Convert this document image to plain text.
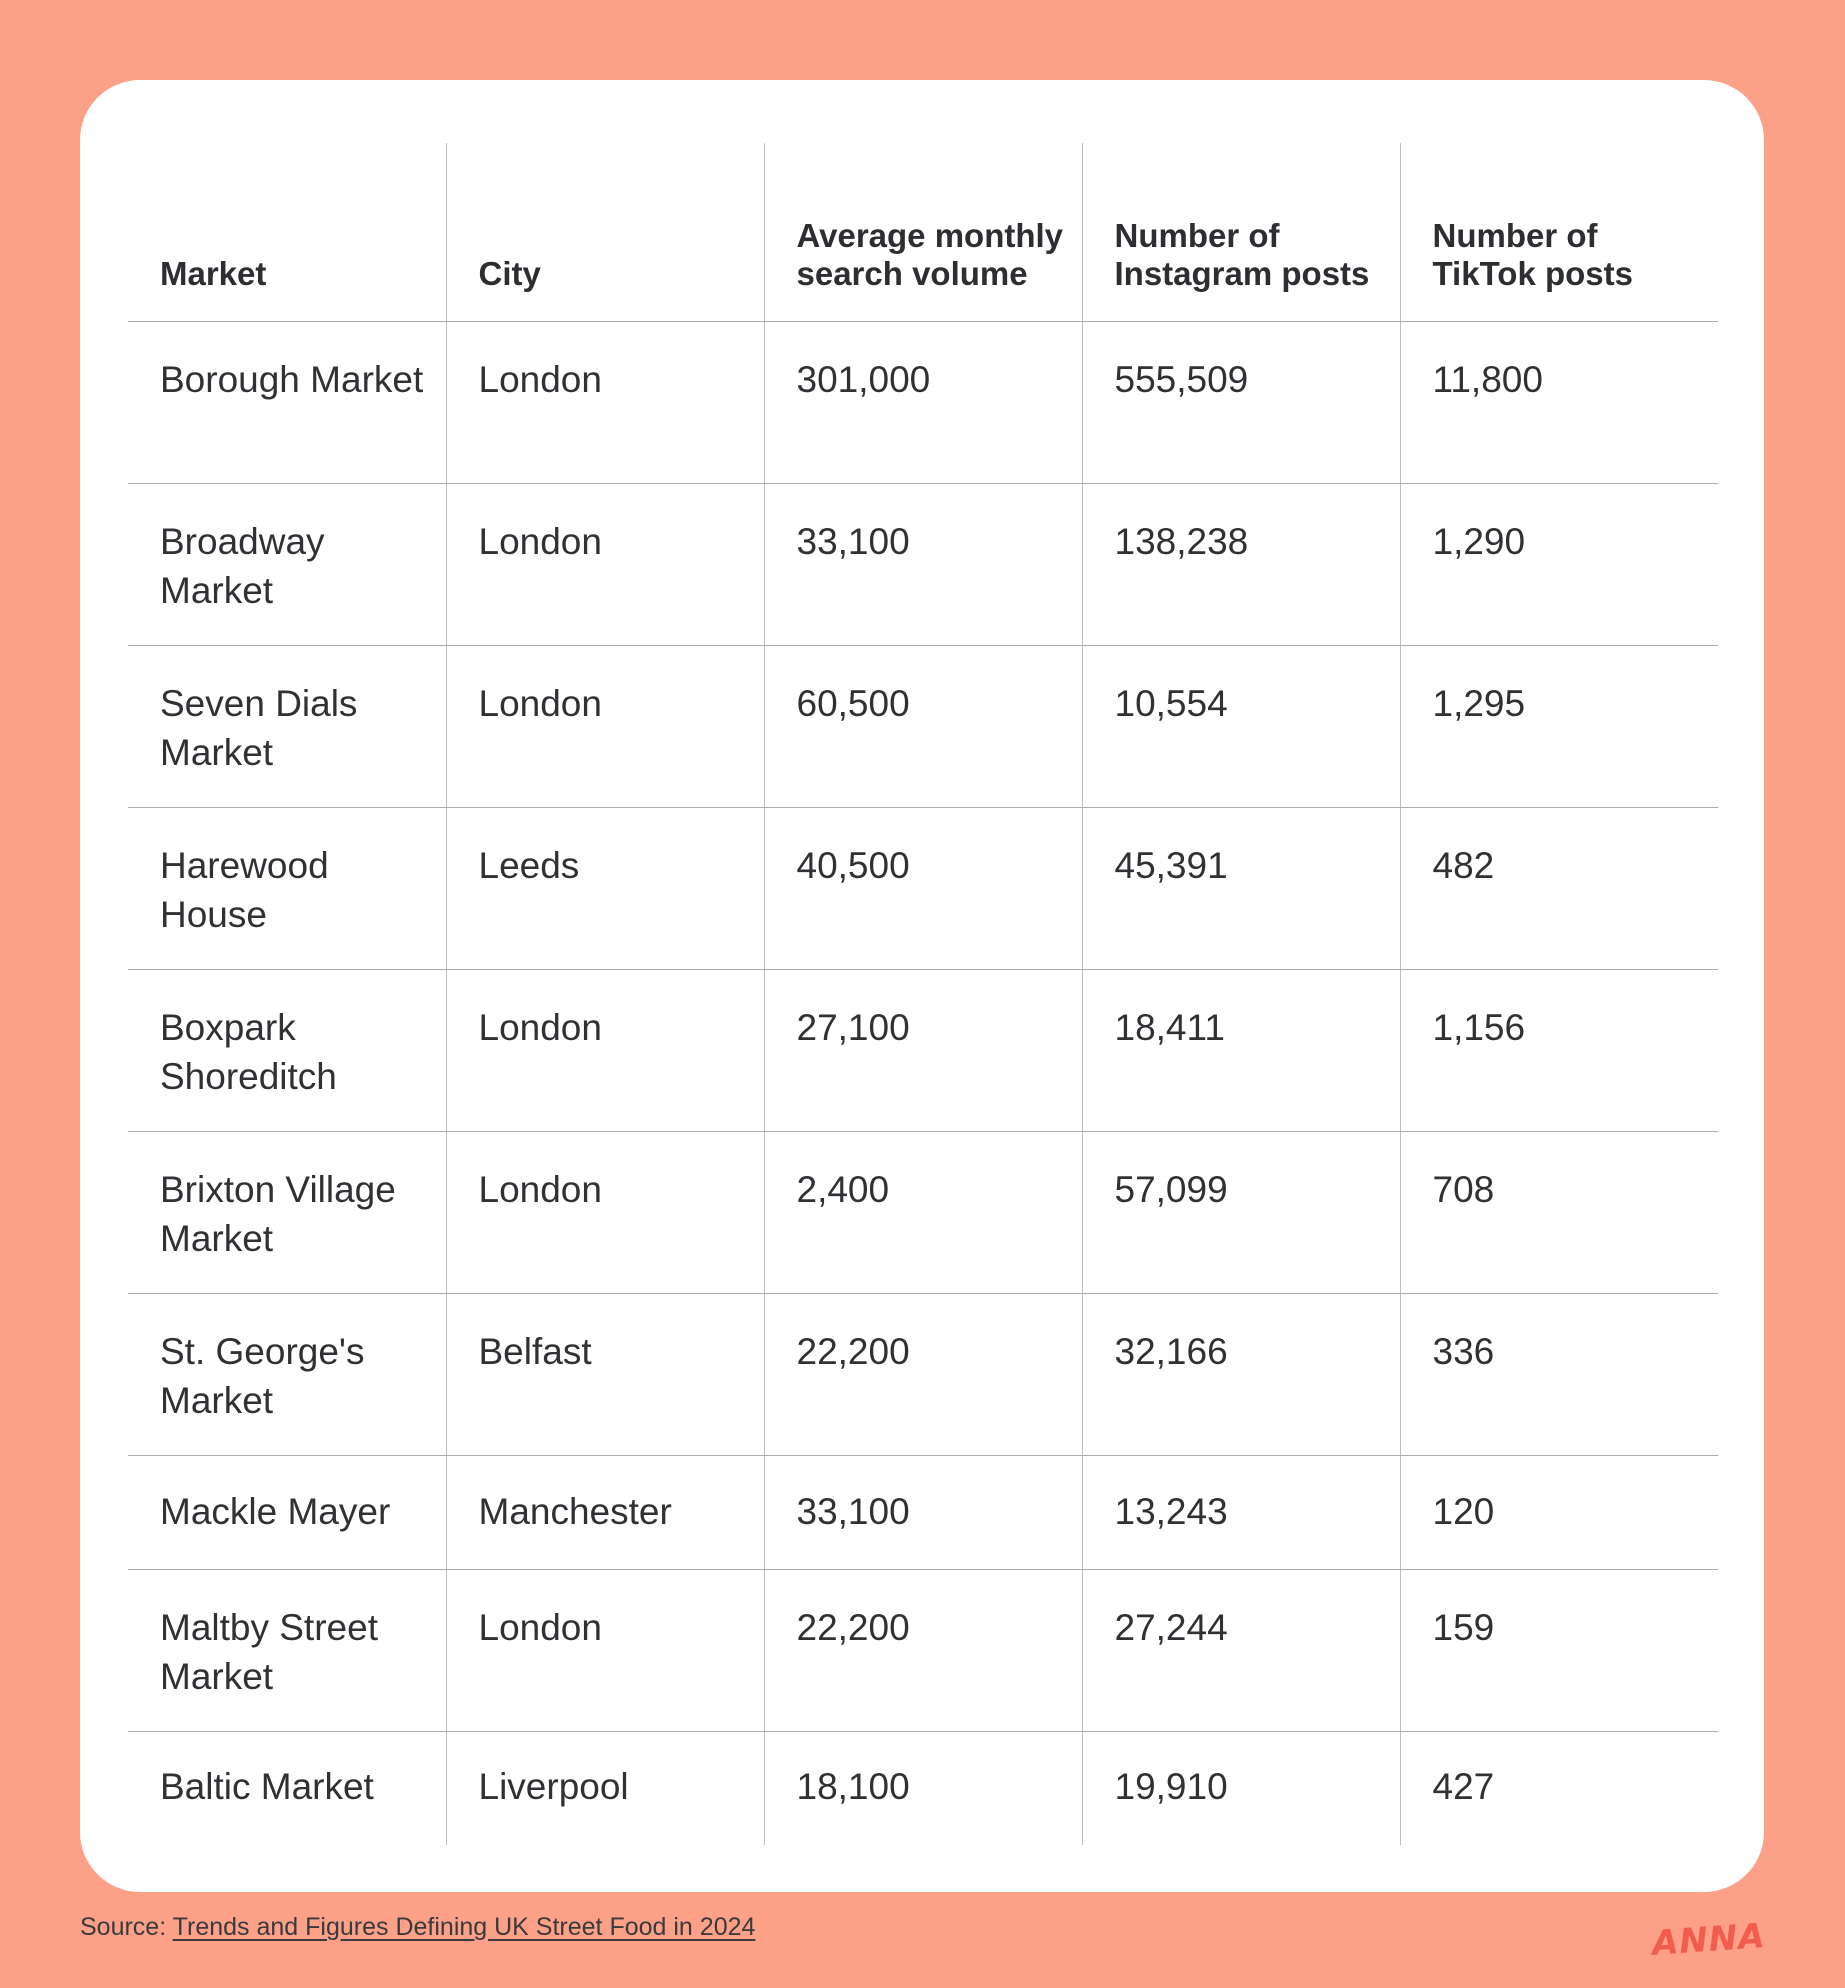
Market	City	Average monthly search volume	Number of Instagram posts	Number of TikTok posts
Borough Market	London	301,000	555,509	11,800
Broadway Market	London	33,100	138,238	1,290
Seven Dials Market	London	60,500	10,554	1,295
Harewood House	Leeds	40,500	45,391	482
Boxpark Shoreditch	London	27,100	18,411	1,156
Brixton Village Market	London	2,400	57,099	708
St. George's Market	Belfast	22,200	32,166	336
Mackle Mayer	Manchester	33,100	13,243	120
Maltby Street Market	London	22,200	27,244	159
Baltic Market	Liverpool	18,100	19,910	427
Source: Trends and Figures Defining UK Street Food in 2024	ANNA
